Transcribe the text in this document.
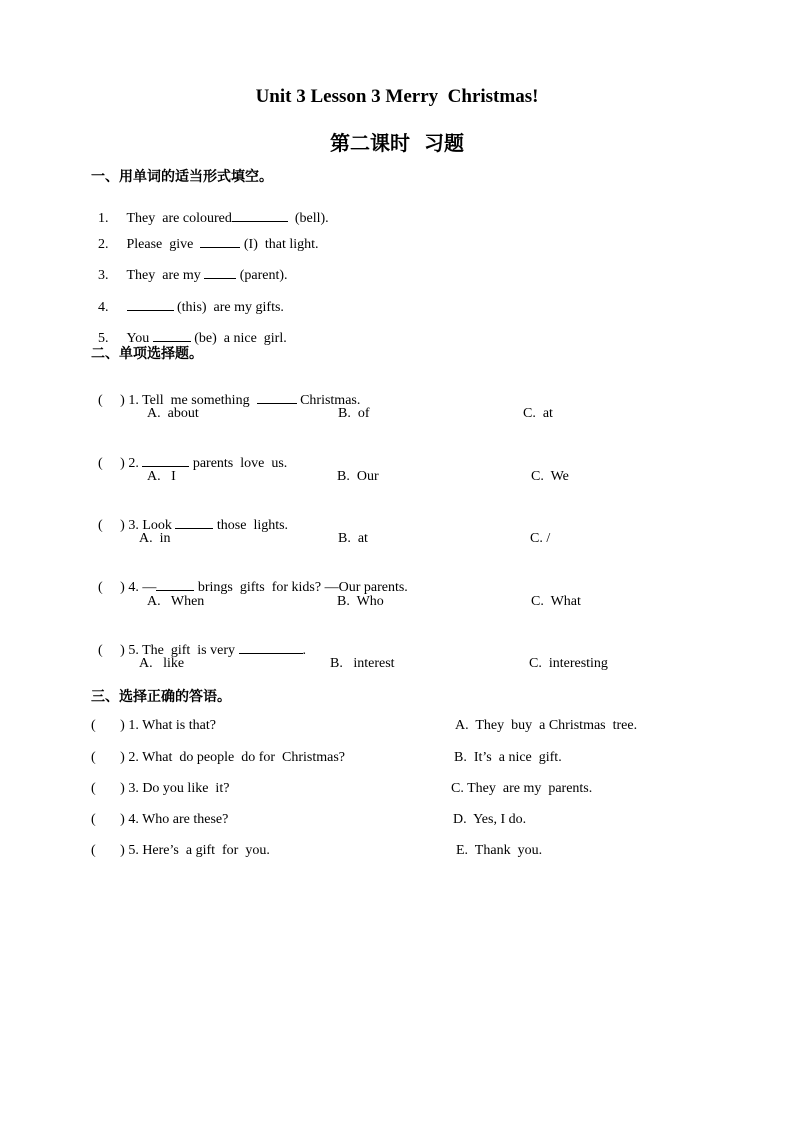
Unit 3 Lesson 3 Merry  Christmas!
第二课时  习题
一、用单词的适当形式填空。

1. They  are coloured	(bell).

2. Please  give	(I)  that light.

3. They  are my  (parent).

4.	(this)  are my gifts.

5. You	(be)  a nice  girl.

二、单项选择题。

(     ) 1. Tell  me something	Christmas.

A.  about	B.  of	C.  at

(     ) 2.	parents  love  us.

A.   I	B.  Our	C.  We

(     ) 3. Look	those  lights.

A.  in	B.  at	C. /

(     ) 4. —	brings  gifts  for kids? —Our parents.

A.   When	B.  Who	C.  What

(     ) 5. The  gift  is very	.

A.   like	B.   interest	C.  interesting
三、选择正确的答语。
(       ) 1. What is that?	A.  They  buy  a Christmas  tree.
(       ) 2. What  do people  do for  Christmas?	B.  It’s  a nice  gift.
(       ) 3. Do you like  it?	C. They  are my  parents.
(       ) 4. Who are these?	D.  Yes, I do.
(       ) 5. Here’s  a gift  for  you.	E.  Thank  you.
